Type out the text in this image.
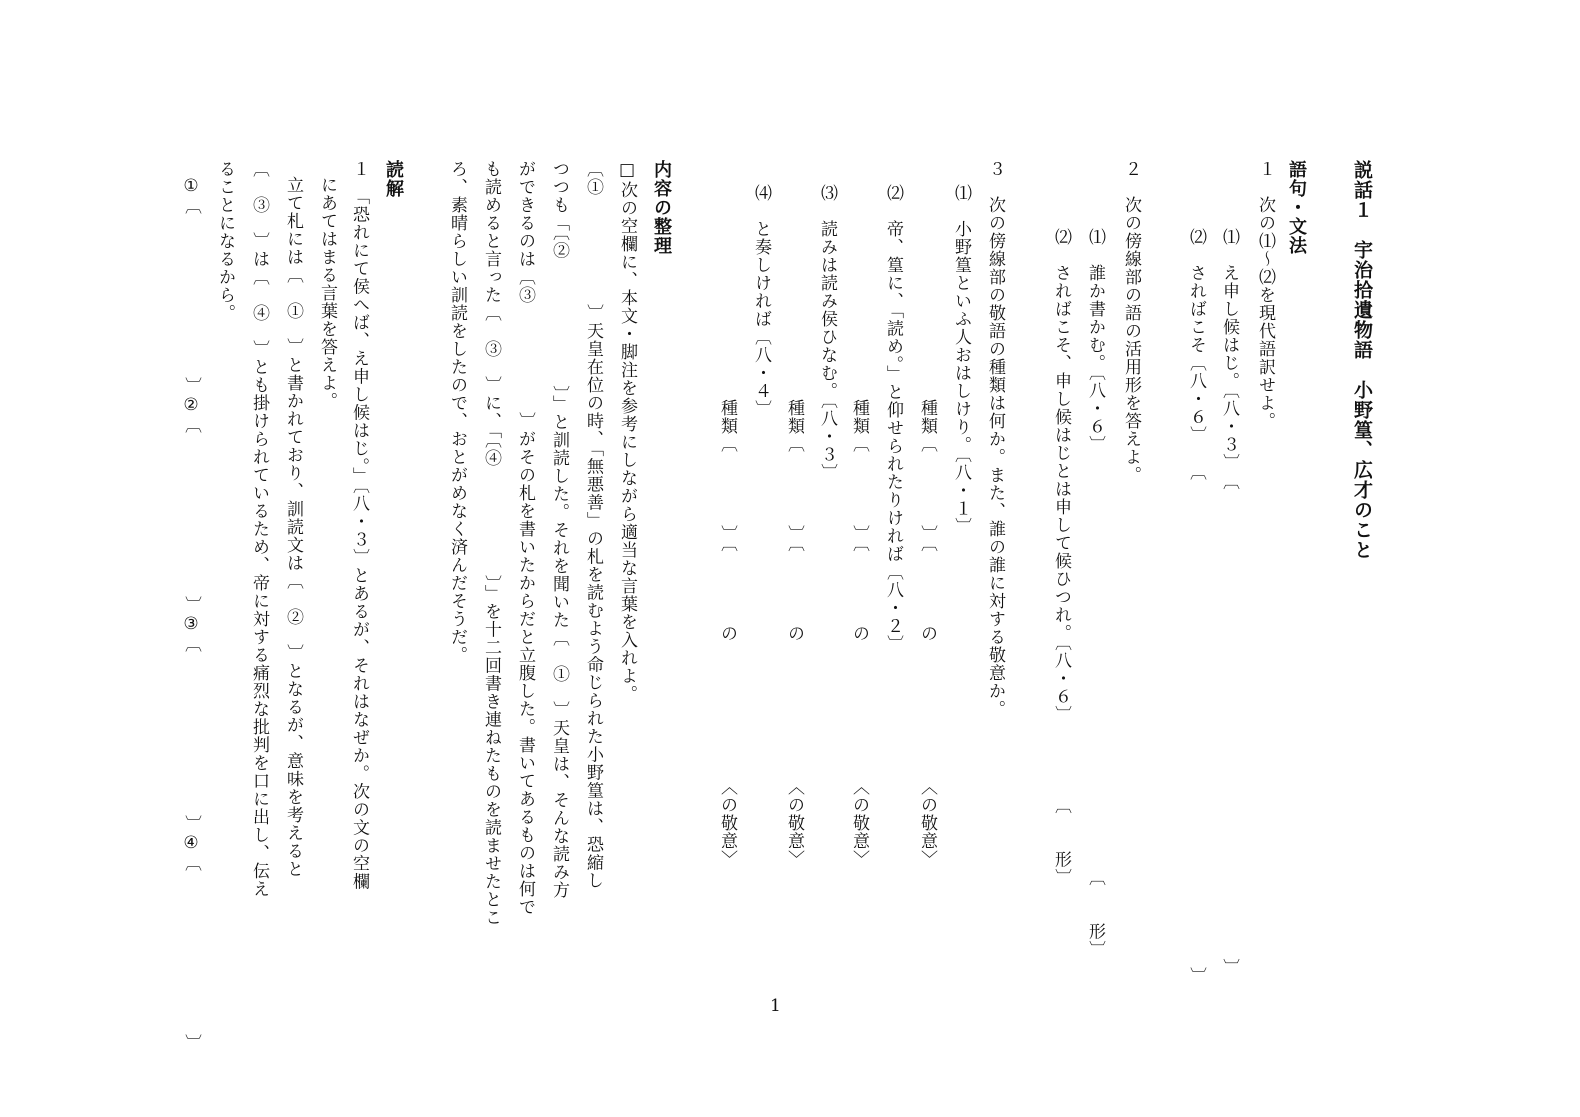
説話１　宇治拾遺物語　小野篁、広才のこと
語句・文法
１　次の⑴～⑵を現代語訳せよ。
⑴　え申し候はじ。〔八・３〕　〔　　　　　　　　　　　　　　　　　　　　　　　　　　〕
⑵　さればこそ〔八・６〕　　〔　　　　　　　　　　　　　　　　　　　　　　　　　　　〕
２　次の傍線部の語の活用形を答えよ。
⑴　誰か書かむ。〔八・６〕　　　　　　　　　　　　　　　　　　　　　　　　〔　　形〕
⑵　さればこそ、申し候はじとは申して候ひつれ。〔八・６〕　　　　　〔　　形〕
３　次の傍線部の敬語の種類は何か。また、誰の誰に対する敬意か。
⑴　小野篁といふ人おはしけり。〔八・１〕
種類〔　　　　〕〔　　　　の　　　　　　　　〈の敬意〉
⑵　帝、篁に、「読め。」と仰せられたりければ〔八・２〕
種類〔　　　　〕〔　　　　の　　　　　　　　〈の敬意〉
⑶　読みは読み侯ひなむ。〔八・３〕
種類〔　　　　〕〔　　　　の　　　　　　　　〈の敬意〉
⑷　と奏しければ〔八・４〕
種類〔　　　　〕〔　　　　の　　　　　　　　〈の敬意〉
内容の整理
□次の空欄に、本文・脚注を参考にしながら適当な言葉を入れよ。
〔①　　　　　　〕天皇在位の時、「無悪善」の札を読むよう命じられた小野篁は、恐縮し
つつも「〔②　　　　　　　〕」と訓読した。それを聞いた〔　①　〕天皇は、そんな読み方
ができるのは〔③　　　　　　〕がその札を書いたからだと立腹した。書いてあるものは何で
も読めると言った〔　③　〕に、「〔④　　　　　　〕」を十二回書き連ねたものを読ませたとこ
ろ、素晴らしい訓読をしたので、おとがめなく済んだそうだ。
読解
１　「恐れにて侯へば、え申し候はじ。」〔八・３〕とあるが、それはなぜか。次の文の空欄
にあてはまる言葉を答えよ。
立て札には〔　①　〕と書かれており、訓読文は〔　②　〕となるが、意味を考えると
〔　③　〕は〔　④　〕とも掛けられているため、帝に対する痛烈な批判を口に出し、伝え
ることになるから。
①〔　　　　　　　　　〕②〔　　　　　　　　　〕③〔　　　　　　　　　〕④〔　　　　　　　　　〕	1
